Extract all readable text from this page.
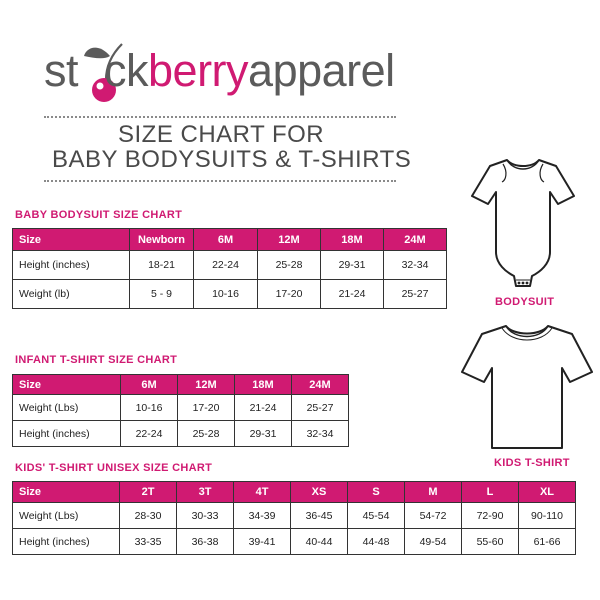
st ckberryapparel
SIZE CHART FOR
BABY BODYSUITS & T-SHIRTS
BABY BODYSUIT SIZE CHART
Size	Newborn	6M	12M	18M	24M
Height (inches)	18-21	22-24	25-28	29-31	32-34
Weight (lb)	5 - 9	10-16	17-20	21-24	25-27
INFANT T-SHIRT SIZE CHART
Size	6M	12M	18M	24M
Weight (Lbs)	10-16	17-20	21-24	25-27
Height (inches)	22-24	25-28	29-31	32-34
KIDS' T-SHIRT UNISEX SIZE CHART
Size	2T	3T	4T	XS	S	M	L	XL
Weight (Lbs)	28-30	30-33	34-39	36-45	45-54	54-72	72-90	90-110
Height (inches)	33-35	36-38	39-41	40-44	44-48	49-54	55-60	61-66
BODYSUIT
KIDS T-SHIRT
